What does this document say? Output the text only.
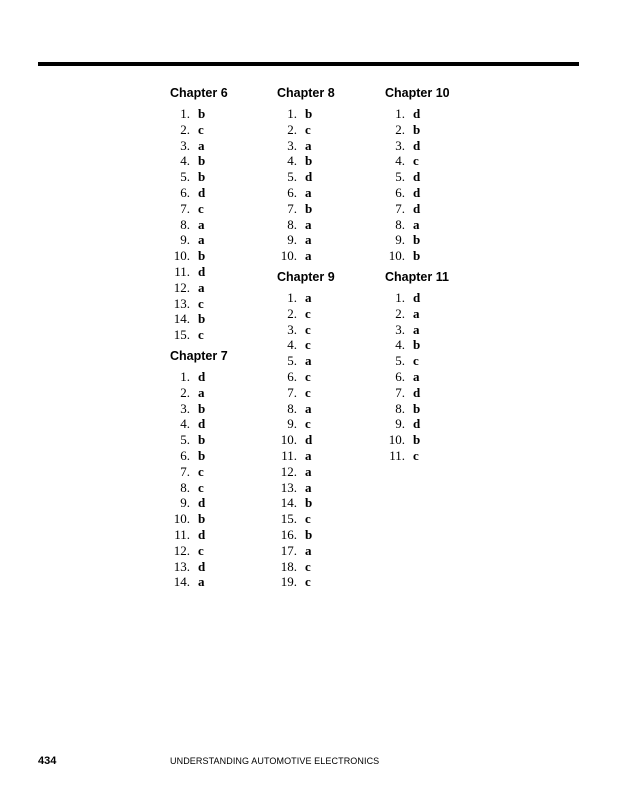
Chapter 6
1. b
2. c
3. a
4. b
5. b
6. d
7. c
8. a
9. a
10. b
11. d
12. a
13. c
14. b
15. c
Chapter 7
1. d
2. a
3. b
4. d
5. b
6. b
7. c
8. c
9. d
10. b
11. d
12. c
13. d
14. a
Chapter 8
1. b
2. c
3. a
4. b
5. d
6. a
7. b
8. a
9. a
10. a
Chapter 9
1. a
2. c
3. c
4. c
5. a
6. c
7. c
8. a
9. c
10. d
11. a
12. a
13. a
14. b
15. c
16. b
17. a
18. c
19. c
Chapter 10
1. d
2. b
3. d
4. c
5. d
6. d
7. d
8. a
9. b
10. b
Chapter 11
1. d
2. a
3. a
4. b
5. c
6. a
7. d
8. b
9. d
10. b
11. c
434	UNDERSTANDING AUTOMOTIVE ELECTRONICS
